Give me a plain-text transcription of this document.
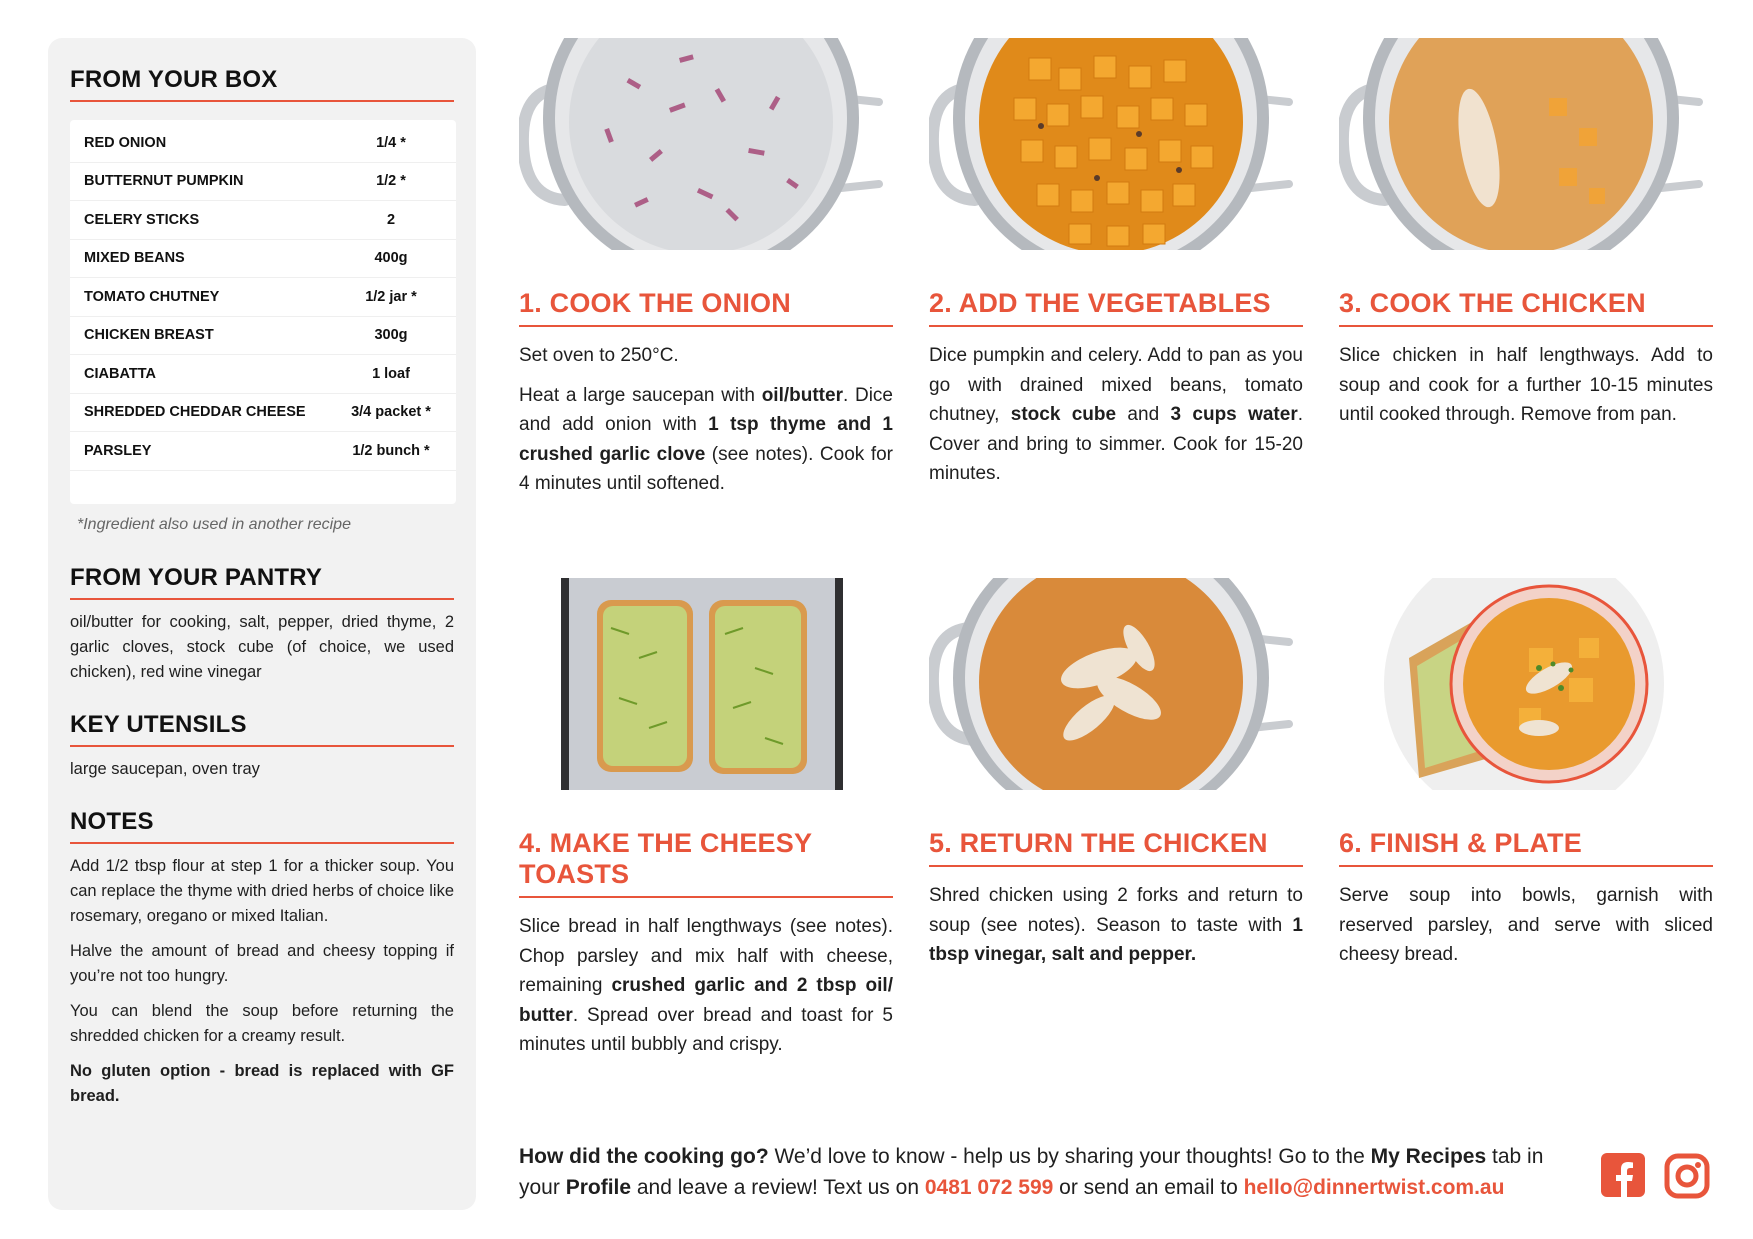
FROM YOUR BOX
RED ONION	1/4 *
BUTTERNUT PUMPKIN	1/2 *
CELERY STICKS	2
MIXED BEANS	400g
TOMATO CHUTNEY	1/2 jar *
CHICKEN BREAST	300g
CIABATTA	1 loaf
SHREDDED CHEDDAR CHEESE	3/4 packet *
PARSLEY	1/2 bunch *
*Ingredient also used in another recipe
FROM YOUR PANTRY
oil/butter for cooking, salt, pepper, dried thyme, 2 garlic cloves, stock cube (of choice, we used chicken), red wine vinegar
KEY UTENSILS
large saucepan, oven tray
NOTES

Add 1/2 tbsp flour at step 1 for a thicker soup. You can replace the thyme with dried herbs of choice like rosemary, oregano or mixed Italian.

Halve the amount of bread and cheesy topping if you’re not too hungry.

You can blend the soup before returning the shredded chicken for a creamy result.

No gluten option - bread is replaced with GF bread.

1. COOK THE ONION

Set oven to 250°C.

Heat a large saucepan with oil/butter. Dice and add onion with 1 tsp thyme and 1 crushed garlic clove (see notes). Cook for 4 minutes until softened.

2. ADD THE VEGETABLES

Dice pumpkin and celery. Add to pan as you go with drained mixed beans, tomato chutney, stock cube and 3 cups water. Cover and bring to simmer. Cook for 15-20 minutes.

3. COOK THE CHICKEN

Slice chicken in half lengthways. Add to soup and cook for a further 10-15 minutes until cooked through. Remove from pan.

4. MAKE THE CHEESY TOASTS

Slice bread in half lengthways (see notes). Chop parsley and mix half with cheese, remaining crushed garlic and 2 tbsp oil/ butter. Spread over bread and toast for 5 minutes until bubbly and crispy.

5. RETURN THE CHICKEN

Shred chicken using 2 forks and return to soup (see notes). Season to taste with 1 tbsp vinegar, salt and pepper.

6. FINISH & PLATE

Serve soup into bowls, garnish with reserved parsley, and serve with sliced cheesy bread.

How did the cooking go? We’d love to know - help us by sharing your thoughts! Go to the My Recipes tab in your Profile and leave a review! Text us on 0481 072 599 or send an email to hello@dinnertwist.com.au
